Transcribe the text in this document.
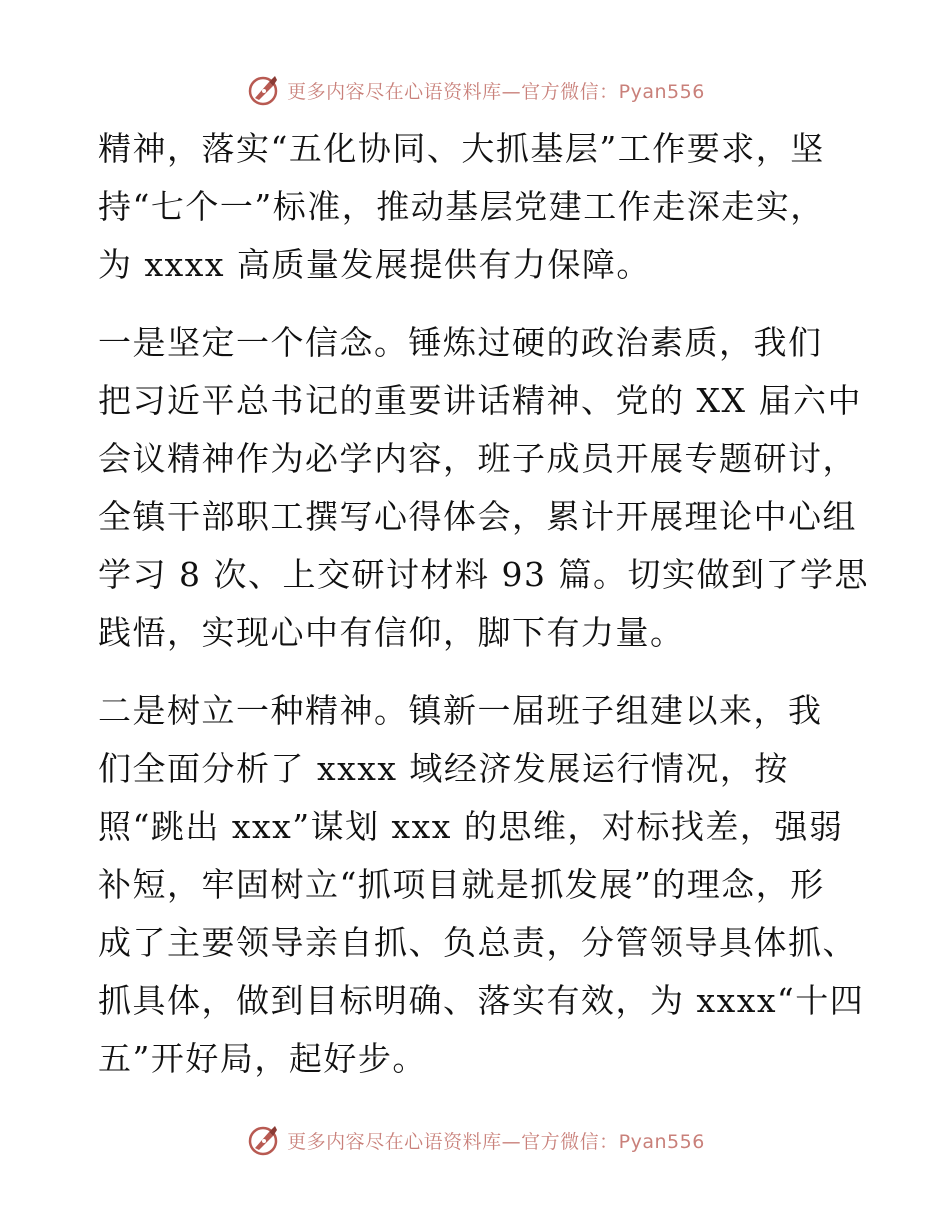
更多内容尽在心语资料库—官方微信：Pyan556
精神，落实“五化协同、大抓基层”工作要求，坚
持“七个一”标准，推动基层党建工作走深走实，
为 xxxx 高质量发展提供有力保障。
一是坚定一个信念。锤炼过硬的政治素质，我们
把习近平总书记的重要讲话精神、党的 XX 届六中
会议精神作为必学内容，班子成员开展专题研讨，
全镇干部职工撰写心得体会，累计开展理论中心组
学习 8 次、上交研讨材料 93 篇。切实做到了学思
践悟，实现心中有信仰，脚下有力量。
二是树立一种精神。镇新一届班子组建以来，我
们全面分析了 xxxx 域经济发展运行情况，按
照“跳出 xxx”谋划 xxx 的思维，对标找差，强弱
补短，牢固树立“抓项目就是抓发展”的理念，形
成了主要领导亲自抓、负总责，分管领导具体抓、
抓具体，做到目标明确、落实有效，为 xxxx“十四
五”开好局，起好步。
更多内容尽在心语资料库—官方微信：Pyan556
